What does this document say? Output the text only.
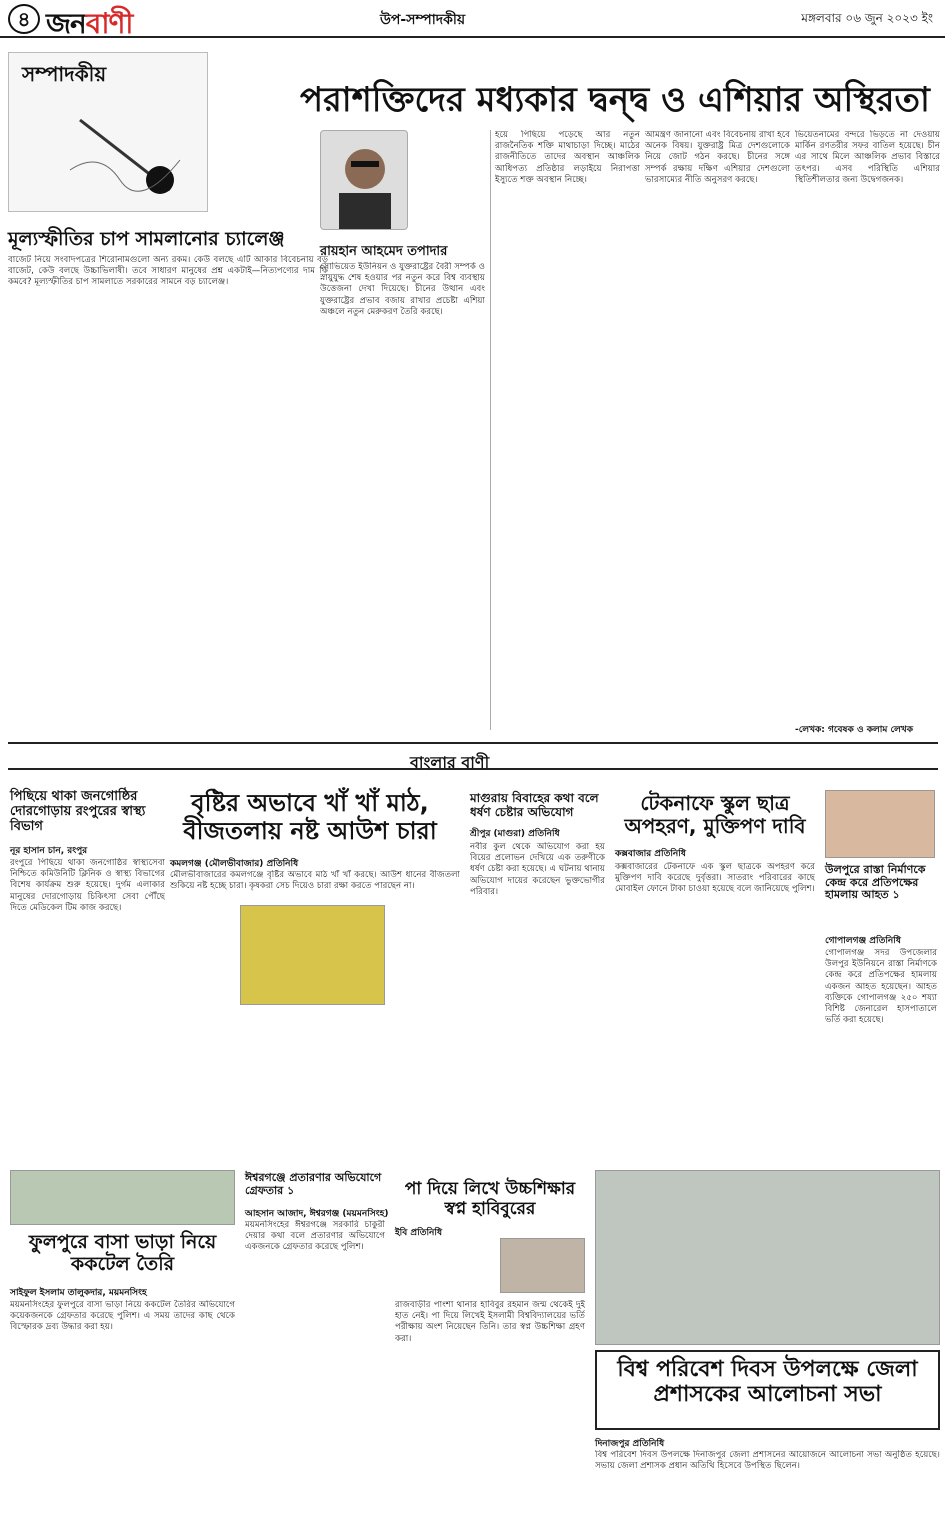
৪ জনবাণী	উপ-সম্পাদকীয়	মঙ্গলবার ০৬ জুন ২০২৩ ইং
সম্পাদকীয়
মূল্যস্ফীতির চাপ সামলানোর চ্যালেঞ্জ
বাজেট নিয়ে সংবাদপত্রের শিরোনামগুলো অন্য রকম। কেউ বলছে এটি আকার বিবেচনায় বড় বাজেট, কেউ বলছে উচ্চাভিলাষী। তবে সাধারণ মানুষের প্রশ্ন একটাই—নিত্যপণ্যের দাম কি কমবে? মূল্যস্ফীতির চাপ সামলাতে সরকারের সামনে বড় চ্যালেঞ্জ।
পরাশক্তিদের মধ্যকার দ্বন্দ্ব ও এশিয়ার অস্থিরতা
রায়হান আহমেদ তপাদার
সোভিয়েত ইউনিয়ন ও যুক্তরাষ্ট্রের বৈরী সম্পর্ক ও স্নায়ুযুদ্ধ শেষ হওয়ার পর নতুন করে বিশ্ব ব্যবস্থায় উত্তেজনা দেখা দিয়েছে। চীনের উত্থান এবং যুক্তরাষ্ট্রের প্রভাব বজায় রাখার প্রচেষ্টা এশিয়া অঞ্চলে নতুন মেরুকরণ তৈরি করছে।
হয়ে পিছিয়ে পড়েছে আর নতুন রাজনৈতিক শক্তি মাথাচাড়া দিচ্ছে। মাঠের রাজনীতিতে তাদের অবস্থান আঞ্চলিক আধিপত্য প্রতিষ্ঠার লড়াইয়ে নিরাপত্তা ইস্যুতে শক্ত অবস্থান নিচ্ছে।
আমন্ত্রণ জানানো এবং বিবেচনায় রাখা হবে অনেক বিষয়। যুক্তরাষ্ট্র মিত্র দেশগুলোকে নিয়ে জোট গঠন করছে। চীনের সঙ্গে সম্পর্ক রক্ষায় দক্ষিণ এশিয়ার দেশগুলো ভারসাম্যের নীতি অনুসরণ করছে।
ভিয়েতনামের বন্দরে ভিড়তে না দেওয়ায় মার্কিন রণতরীর সফর বাতিল হয়েছে। চীন এর সাথে মিলে আঞ্চলিক প্রভাব বিস্তারে তৎপর। এসব পরিস্থিতি এশিয়ার স্থিতিশীলতার জন্য উদ্বেগজনক।
-লেখক: গবেষক ও কলাম লেখক
বাংলার বাণী
পিছিয়ে থাকা জনগোষ্ঠির দোরগোড়ায় রংপুরের স্বাস্থ্য বিভাগ
নূর হাসান চান, রংপুর
রংপুরে পিছিয়ে থাকা জনগোষ্ঠির স্বাস্থ্যসেবা নিশ্চিতে কমিউনিটি ক্লিনিক ও স্বাস্থ্য বিভাগের বিশেষ কার্যক্রম শুরু হয়েছে। দুর্গম এলাকার মানুষের দোরগোড়ায় চিকিৎসা সেবা পৌঁছে দিতে মেডিকেল টিম কাজ করছে।
বৃষ্টির অভাবে খাঁ খাঁ মাঠ, বীজতলায় নষ্ট আউশ চারা
কমলগঞ্জ (মৌলভীবাজার) প্রতিনিধি
মৌলভীবাজারের কমলগঞ্জে বৃষ্টির অভাবে মাঠ খাঁ খাঁ করছে। আউশ ধানের বীজতলা শুকিয়ে নষ্ট হচ্ছে চারা। কৃষকরা সেচ দিয়েও চারা রক্ষা করতে পারছেন না।
মাগুরায় বিবাহের কথা বলে ধর্ষণ চেষ্টার অভিযোগ
শ্রীপুর (মাগুরা) প্রতিনিধি
নবীর কুল থেকে অভিযোগ করা হয় বিয়ের প্রলোভন দেখিয়ে এক তরুণীকে ধর্ষণ চেষ্টা করা হয়েছে। এ ঘটনায় থানায় অভিযোগ দায়ের করেছেন ভুক্তভোগীর পরিবার।
টেকনাফে স্কুল ছাত্র অপহরণ, মুক্তিপণ দাবি
কক্সবাজার প্রতিনিধি
কক্সবাজারের টেকনাফে এক স্কুল ছাত্রকে অপহরণ করে মুক্তিপণ দাবি করেছে দুর্বৃত্তরা। সাতরাং পরিবারের কাছে মোবাইল ফোনে টাকা চাওয়া হয়েছে বলে জানিয়েছে পুলিশ।
উলপুরে রাস্তা নির্মাণকে কেন্দ্র করে প্রতিপক্ষের হামলায় আহত ১
গোপালগঞ্জ প্রতিনিধি
গোপালগঞ্জ সদর উপজেলার উলপুর ইউনিয়নে রাস্তা নির্মাণকে কেন্দ্র করে প্রতিপক্ষের হামলায় একজন আহত হয়েছেন। আহত ব্যক্তিকে গোপালগঞ্জ ২৫০ শয্যা বিশিষ্ট জেনারেল হাসপাতালে ভর্তি করা হয়েছে।
ফুলপুরে বাসা ভাড়া নিয়ে ককটেল তৈরি
সাইফুল ইসলাম তালুকদার, ময়মনসিংহ
ময়মনসিংহের ফুলপুরে বাসা ভাড়া নিয়ে ককটেল তৈরির অভিযোগে কয়েকজনকে গ্রেফতার করেছে পুলিশ। এ সময় তাদের কাছ থেকে বিস্ফোরক দ্রব্য উদ্ধার করা হয়।
ঈশ্বরগঞ্জে প্রতারণার অভিযোগে গ্রেফতার ১
আহসান আজাদ, ঈশ্বরগঞ্জ (ময়মনসিংহ)
ময়মনসিংহের ঈশ্বরগঞ্জে সরকারি চাকুরী দেয়ার কথা বলে প্রতারণার অভিযোগে একজনকে গ্রেফতার করেছে পুলিশ।
পা দিয়ে লিখে উচ্চশিক্ষার স্বপ্ন হাবিবুরের
ইবি প্রতিনিধি
রাজবাড়ীর পাংশা থানার হাবিবুর রহমান জন্ম থেকেই দুই হাত নেই। পা দিয়ে লিখেই ইসলামী বিশ্ববিদ্যালয়ের ভর্তি পরীক্ষায় অংশ নিয়েছেন তিনি। তার স্বপ্ন উচ্চশিক্ষা গ্রহণ করা।
বিশ্ব পরিবেশ দিবস উপলক্ষে জেলা প্রশাসকের আলোচনা সভা
দিনাজপুর প্রতিনিধি
বিশ্ব পরিবেশ দিবস উপলক্ষে দিনাজপুর জেলা প্রশাসনের আয়োজনে আলোচনা সভা অনুষ্ঠিত হয়েছে। সভায় জেলা প্রশাসক প্রধান অতিথি হিসেবে উপস্থিত ছিলেন।
